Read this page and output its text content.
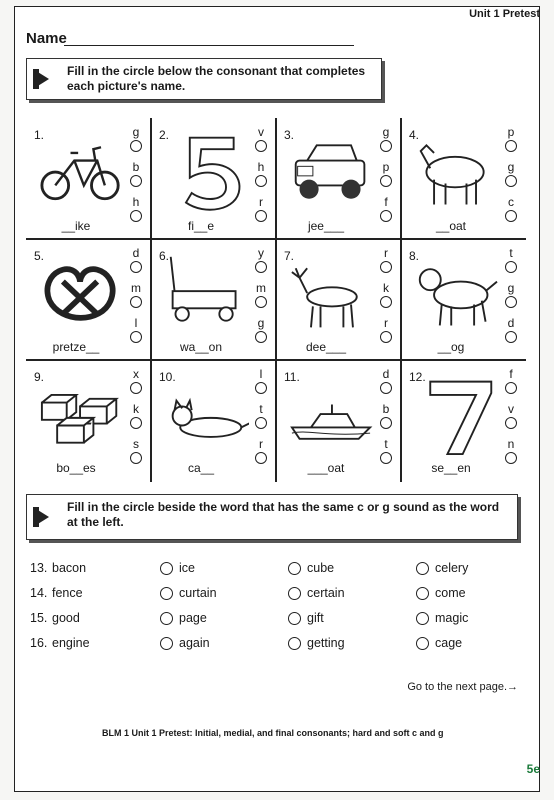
Unit 1 Pretest
Name
Fill in the circle below the consonant that completes each picture's name.
1.	g
b
h
__ike
2.	v
h
r
fi__e
3.	g
p
f
jee___
4.	p
g
c
__oat
5.	d
m
l
pretze__
6.	y
m
g
wa__on
7.	r
k
r
dee___
8.	t
g
d
__og
9.	x
k
s
bo__es
10.	l
t
r
ca__
11.	d
b
t
___oat
12.	f
v
n
se__en
Fill in the circle beside the word that has the same c or g sound as the word at the left.
13. bacon	ice	cube	celery
14. fence	curtain	certain	come
15. good	page	gift	magic
16. engine	again	getting	cage
Go to the next page.→
BLM 1 Unit 1 Pretest: Initial, medial, and final consonants; hard and soft c and g
5e
